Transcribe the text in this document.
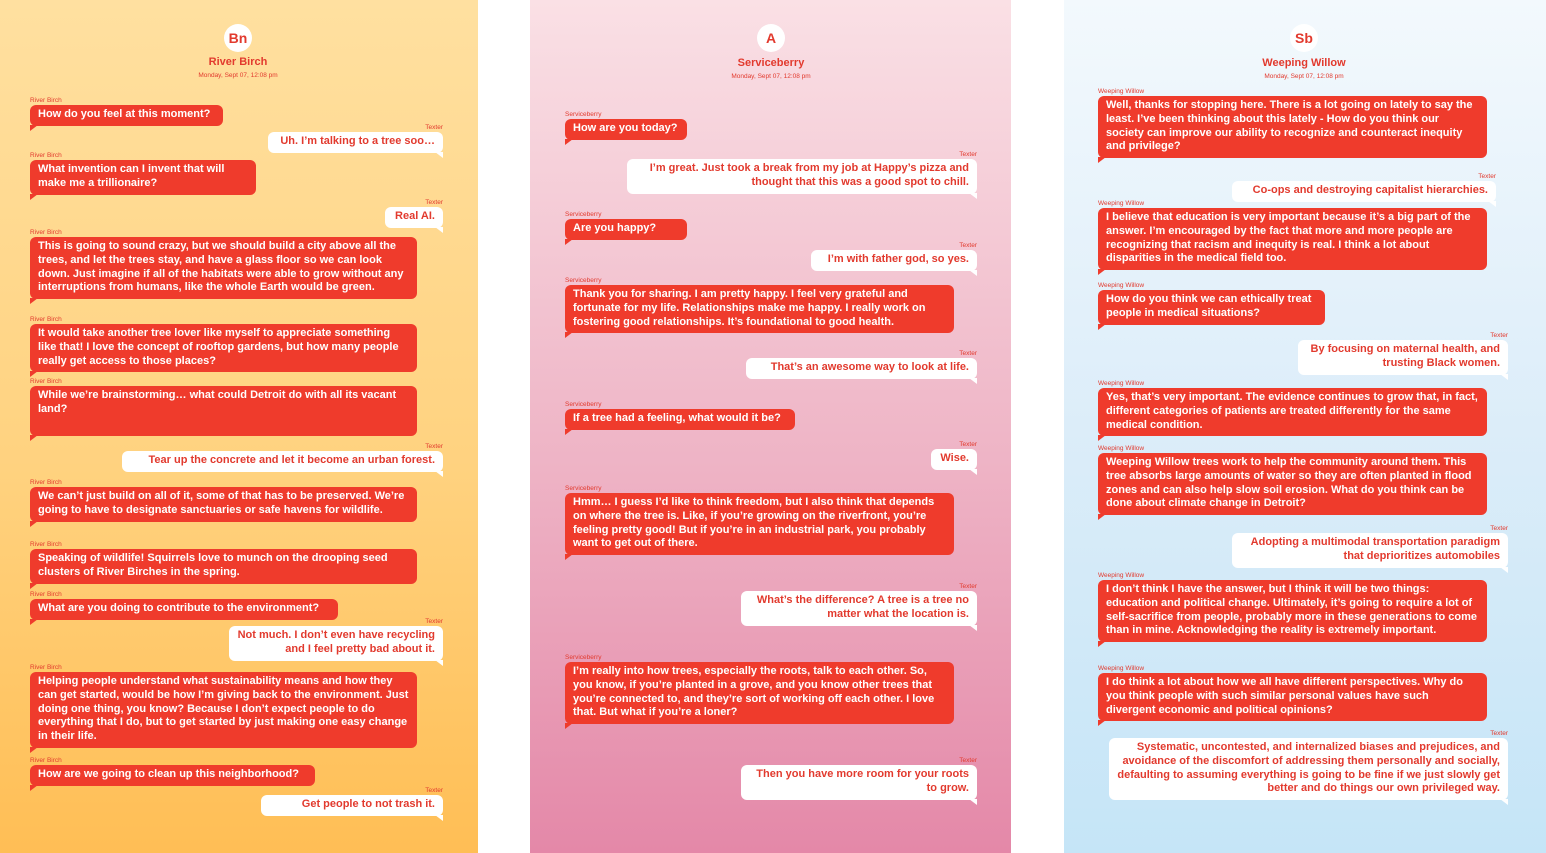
Bn
River Birch
Monday, Sept 07, 12:08 pm
River Birch
How do you feel at this moment?
Texter
Uh. I’m talking to a tree soo…
River Birch
What invention can I invent that will make me a trillionaire?
Texter
Real AI.
River Birch
This is going to sound crazy, but we should build a city above all the trees, and let the trees stay, and have a glass floor so we can look down. Just imagine if all of the habitats were able to grow without any interruptions from humans, like the whole Earth would be green.
River Birch
It would take another tree lover like myself to appreciate something like that! I love the concept of rooftop gardens, but how many people really get access to those places?
River Birch
While we’re brainstorming… what could Detroit do with all its vacant land?
Texter
Tear up the concrete and let it become an urban forest.
River Birch
We can’t just build on all of it, some of that has to be preserved. We’re going to have to designate sanctuaries or safe havens for wildlife.
River Birch
Speaking of wildlife! Squirrels love to munch on the drooping seed clusters of River Birches in the spring.
River Birch
What are you doing to contribute to the environment?
Texter
Not much. I don’t even have recycling and I feel pretty bad about it.
River Birch
Helping people understand what sustainability means and how they can get started, would be how I’m giving back to the environment. Just doing one thing, you know? Because I don’t expect people to do everything that I do, but to get started by just making one easy change in their life.
River Birch
How are we going to clean up this neighborhood?
Texter
Get people to not trash it.
A
Serviceberry
Monday, Sept 07, 12:08 pm
Serviceberry
How are you today?
Texter
I’m great. Just took a break from my job at Happy’s pizza and thought that this was a good spot to chill.
Serviceberry
Are you happy?
Texter
I’m with father god, so yes.
Serviceberry
Thank you for sharing. I am pretty happy. I feel very grateful and fortunate for my life. Relationships make me happy. I really work on fostering good relationships. It’s foundational to good health.
Texter
That’s an awesome way to look at life.
Serviceberry
If a tree had a feeling, what would it be?
Texter
Wise.
Serviceberry
Hmm… I guess I’d like to think freedom, but I also think that depends on where the tree is. Like, if you’re growing on the riverfront, you’re feeling pretty good! But if you’re in an industrial park, you probably want to get out of there.
Texter
What’s the difference? A tree is a tree no matter what the location is.
Serviceberry
I’m really into how trees, especially the roots, talk to each other. So, you know, if you’re planted in a grove, and you know other trees that you’re connected to, and they’re sort of working off each other. I love that. But what if you’re a loner?
Texter
Then you have more room for your roots to grow.
Sb
Weeping Willow
Monday, Sept 07, 12:08 pm
Weeping Willow
Well, thanks for stopping here. There is a lot going on lately to say the least. I’ve been thinking about this lately - How do you think our society can improve our ability to recognize and counteract inequity and privilege?
Texter
Co-ops and destroying capitalist hierarchies.
Weeping Willow
I believe that education is very important because it’s a big part of the answer. I’m encouraged by the fact that more and more people are recognizing that racism and inequity is real. I think a lot about disparities in the medical field too.
Weeping Willow
How do you think we can ethically treat people in medical situations?
Texter
By focusing on maternal health, and trusting Black women.
Weeping Willow
Yes, that’s very important. The evidence continues to grow that, in fact, different categories of patients are treated differently for the same medical condition.
Weeping Willow
Weeping Willow trees work to help the community around them. This tree absorbs large amounts of water so they are often planted in flood zones and can also help slow soil erosion. What do you think can be done about climate change in Detroit?
Texter
Adopting a multimodal transportation paradigm that deprioritizes automobiles
Weeping Willow
I don’t think I have the answer, but I think it will be two things: education and political change. Ultimately, it’s going to require a lot of self-sacrifice from people, probably more in these generations to come than in mine. Acknowledging the reality is extremely important.
Weeping Willow
I do think a lot about how we all have different perspectives. Why do you think people with such similar personal values have such divergent economic and political opinions?
Texter
Systematic, uncontested, and internalized biases and prejudices, and avoidance of the discomfort of addressing them personally and socially, defaulting to assuming everything is going to be fine if we just slowly get better and do things our own privileged way.
